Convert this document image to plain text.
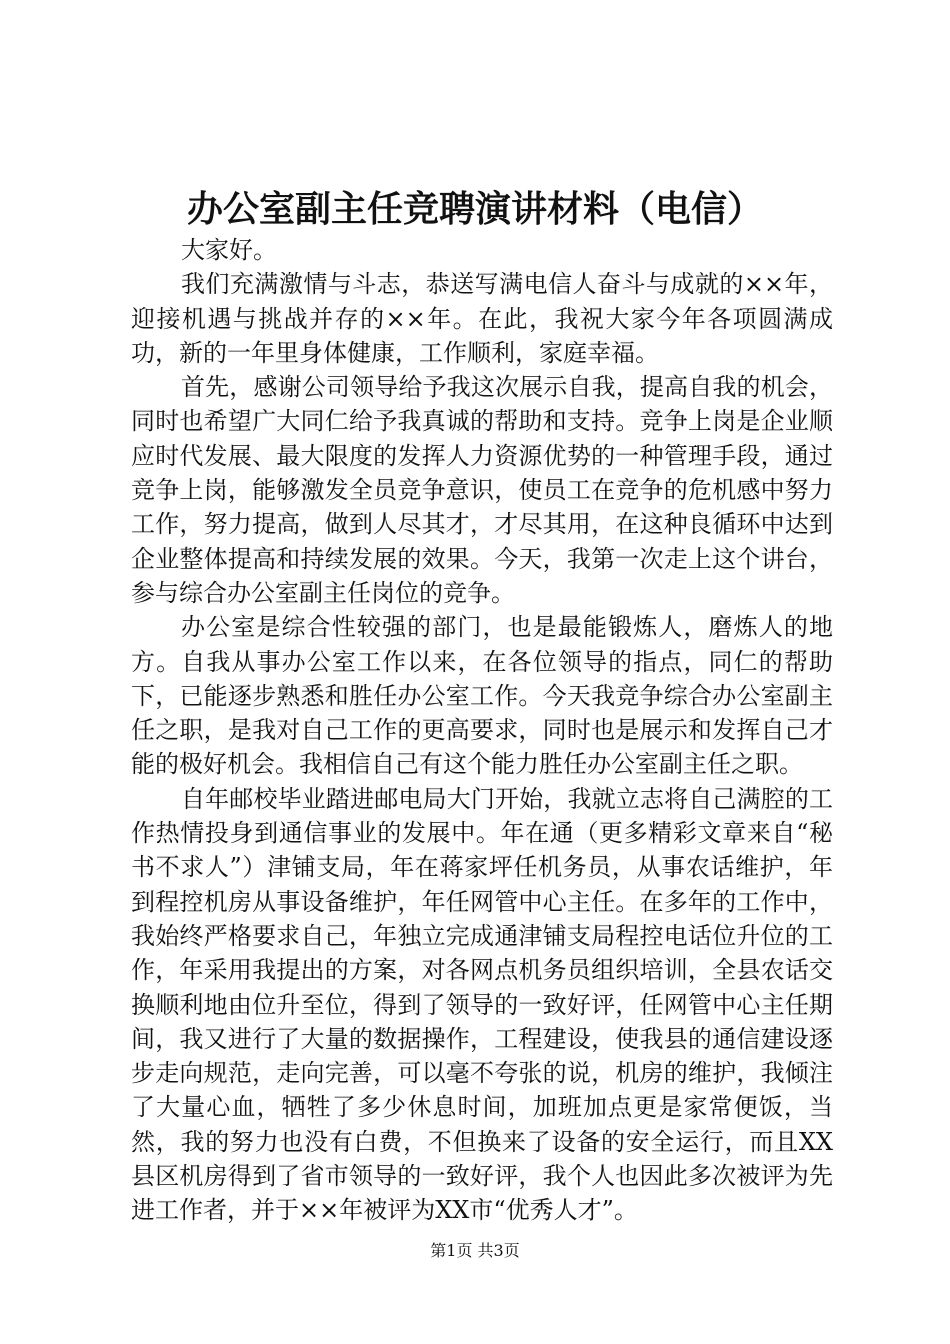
办公室副主任竞聘演讲材料（电信）

大家好。

我们充满激情与斗志，恭送写满电信人奋斗与成就的××年，迎接机遇与挑战并存的××年。在此，我祝大家今年各项圆满成功，新的一年里身体健康，工作顺利，家庭幸福。

首先，感谢公司领导给予我这次展示自我，提高自我的机会，同时也希望广大同仁给予我真诚的帮助和支持。竞争上岗是企业顺应时代发展、最大限度的发挥人力资源优势的一种管理手段，通过竞争上岗，能够激发全员竞争意识，使员工在竞争的危机感中努力工作，努力提高，做到人尽其才，才尽其用，在这种良循环中达到企业整体提高和持续发展的效果。今天，我第一次走上这个讲台，参与综合办公室副主任岗位的竞争。

办公室是综合性较强的部门，也是最能锻炼人，磨炼人的地方。自我从事办公室工作以来，在各位领导的指点，同仁的帮助下，已能逐步熟悉和胜任办公室工作。今天我竞争综合办公室副主任之职，是我对自己工作的更高要求，同时也是展示和发挥自己才能的极好机会。我相信自己有这个能力胜任办公室副主任之职。

自年邮校毕业踏进邮电局大门开始，我就立志将自己满腔的工作热情投身到通信事业的发展中。年在通（更多精彩文章来自“秘书不求人”）津铺支局，年在蒋家坪任机务员，从事农话维护，年到程控机房从事设备维护，年任网管中心主任。在多年的工作中，我始终严格要求自己，年独立完成通津铺支局程控电话位升位的工作，年采用我提出的方案，对各网点机务员组织培训，全县农话交换顺利地由位升至位，得到了领导的一致好评，任网管中心主任期间，我又进行了大量的数据操作，工程建设，使我县的通信建设逐步走向规范，走向完善，可以毫不夸张的说，机房的维护，我倾注了大量心血，牺牲了多少休息时间，加班加点更是家常便饭，当然，我的努力也没有白费，不但换来了设备的安全运行，而且XX县区机房得到了省市领导的一致好评，我个人也因此多次被评为先进工作者，并于××年被评为XX市“优秀人才”。

第1页 共3页
